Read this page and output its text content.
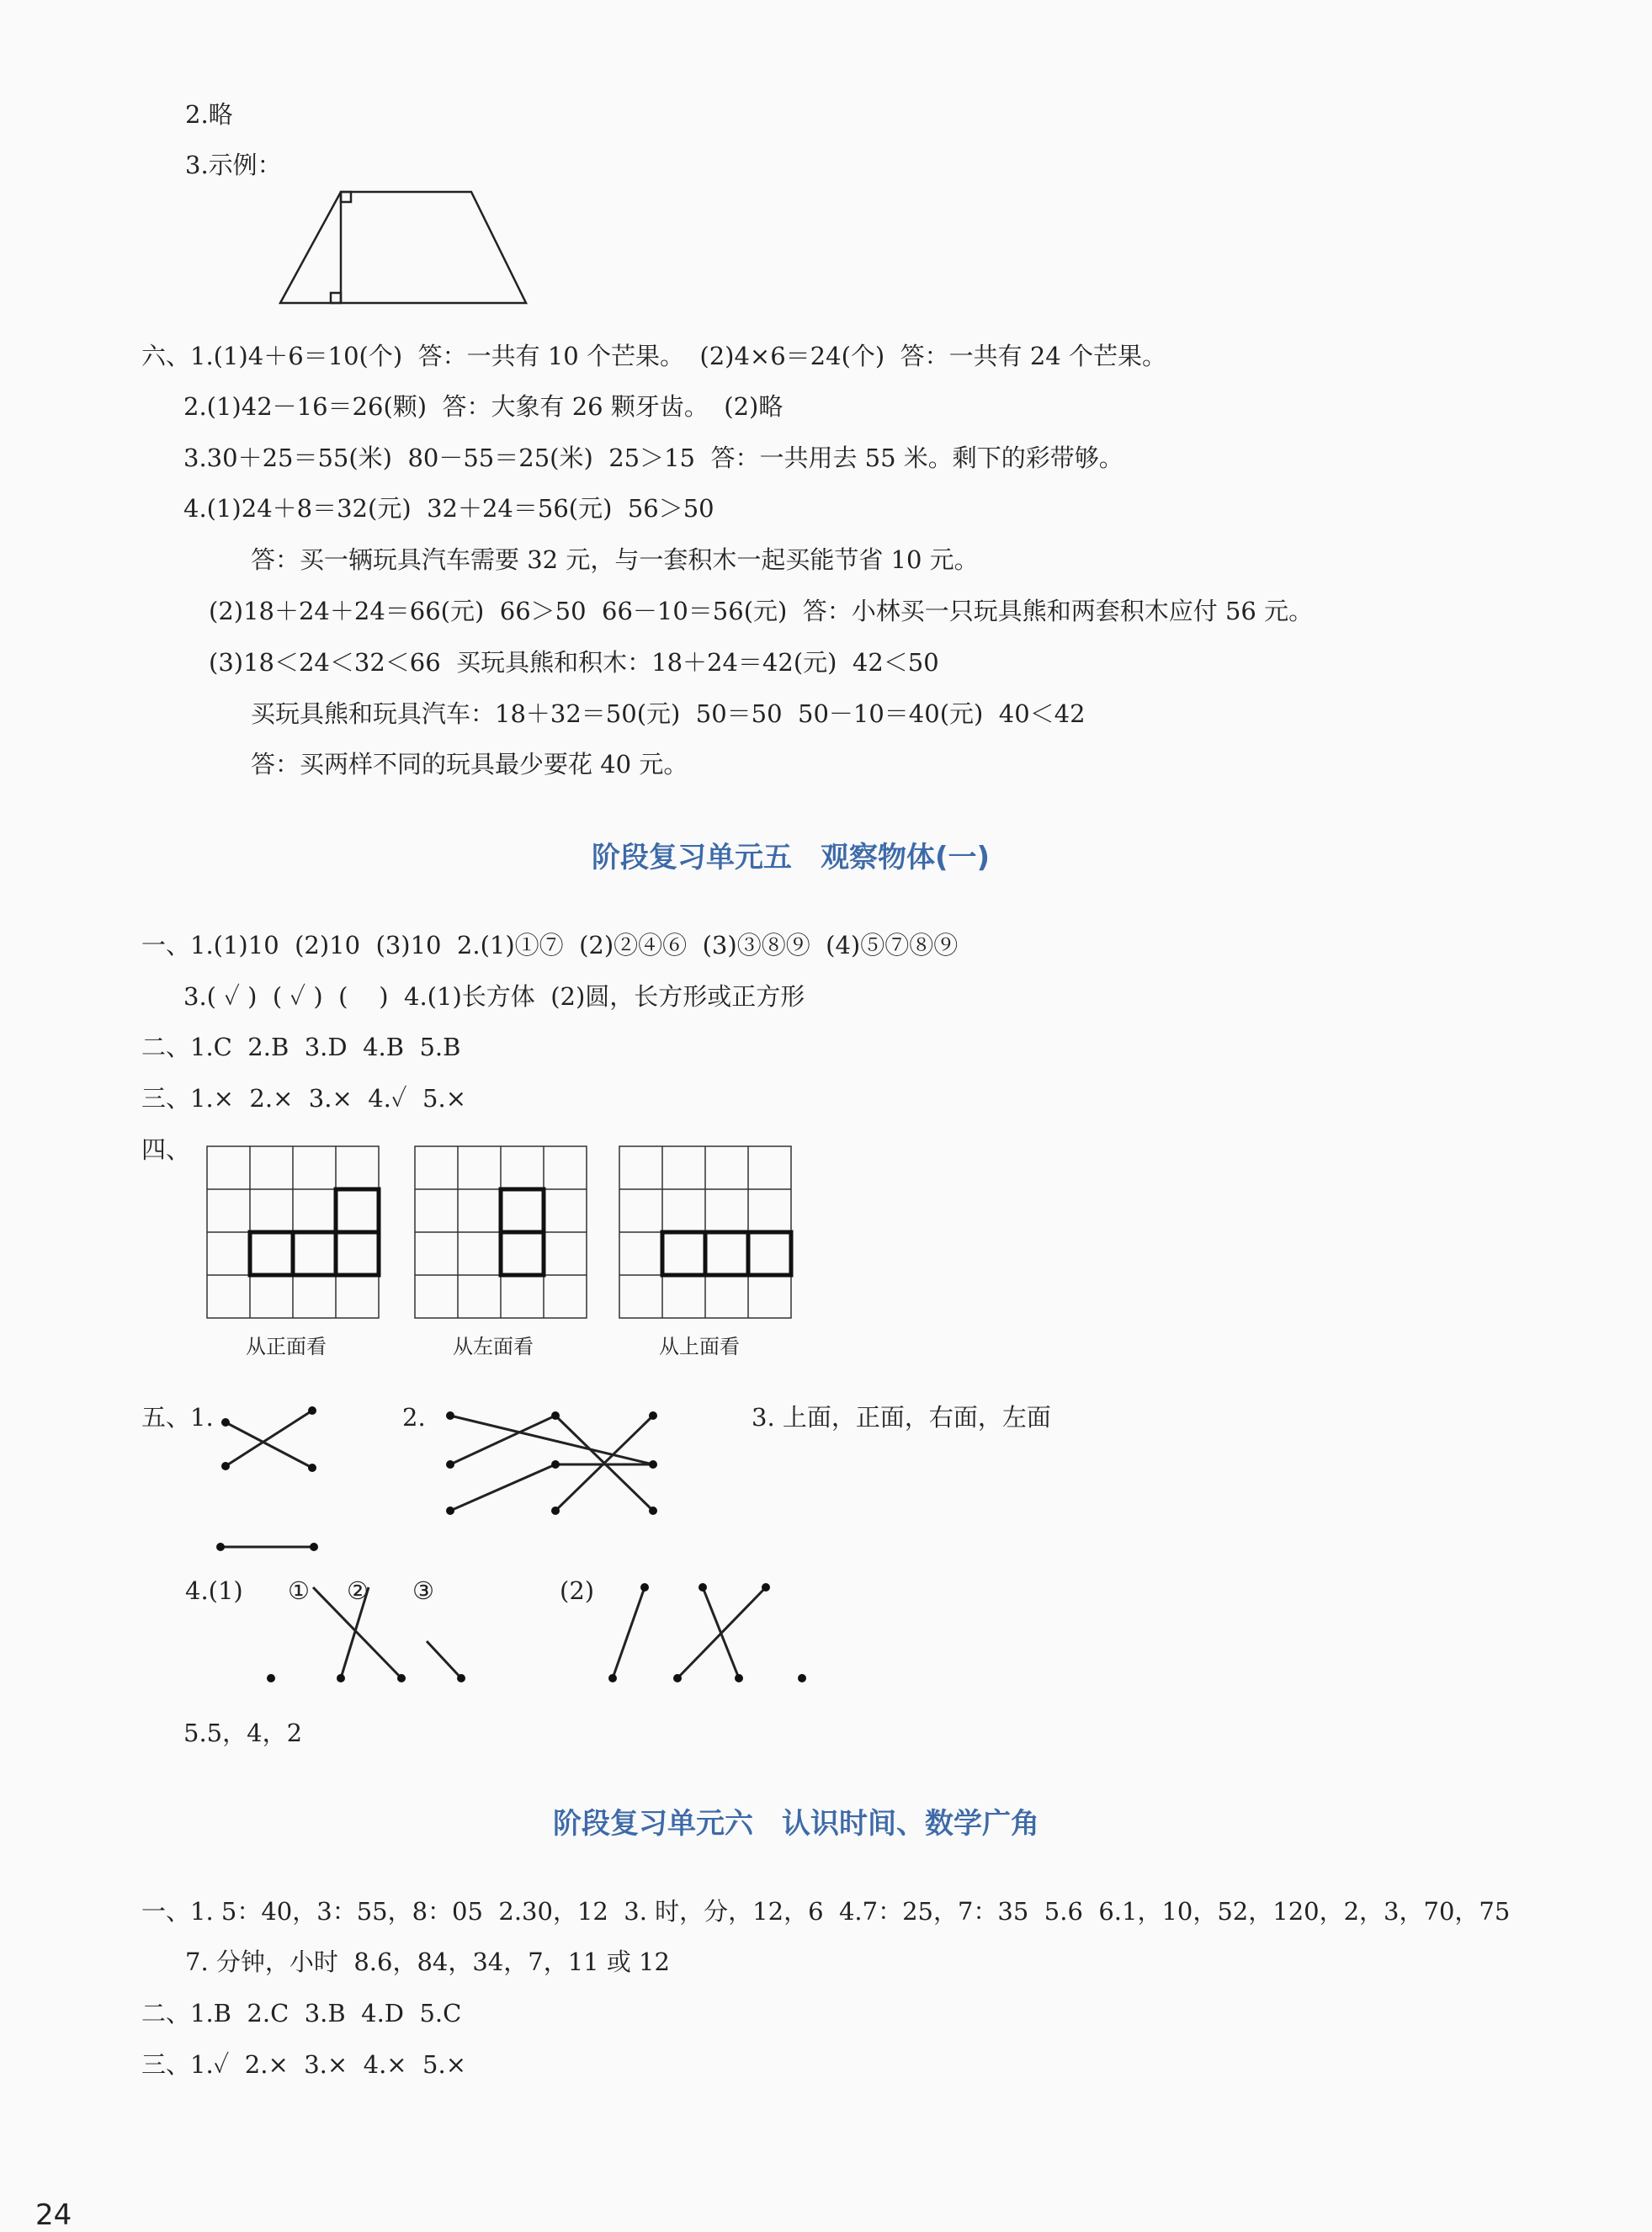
2.略
3.示例：
六、1.(1)4＋6＝10(个)  答：一共有 10 个芒果。  (2)4×6＝24(个)  答：一共有 24 个芒果。
2.(1)42－16＝26(颗)  答：大象有 26 颗牙齿。  (2)略
3.30＋25＝55(米)  80－55＝25(米)  25＞15  答：一共用去 55 米。剩下的彩带够。
4.(1)24＋8＝32(元)  32＋24＝56(元)  56＞50
答：买一辆玩具汽车需要 32 元，与一套积木一起买能节省 10 元。
(2)18＋24＋24＝66(元)  66＞50  66－10＝56(元)  答：小林买一只玩具熊和两套积木应付 56 元。
(3)18＜24＜32＜66  买玩具熊和积木：18＋24＝42(元)  42＜50
买玩具熊和玩具汽车：18＋32＝50(元)  50＝50  50－10＝40(元)  40＜42
答：买两样不同的玩具最少要花 40 元。
阶段复习单元五　观察物体(一)
一、1.(1)10  (2)10  (3)10  2.(1)①⑦  (2)②④⑥  (3)③⑧⑨  (4)⑤⑦⑧⑨
3.( ✓ )  ( ✓ )  (    )  4.(1)长方体  (2)圆，长方形或正方形
二、1.C  2.B  3.D  4.B  5.B
三、1.×  2.×  3.×  4.✓  5.×
四、
从正面看	从左面看	从上面看
五、1.	2.	3. 上面，正面，右面，左面
4.(1) ① ② ③	(2)
5.5，4，2
阶段复习单元六　认识时间、数学广角
一、1. 5：40，3：55，8：05  2.30，12  3. 时，分，12，6  4.7：25，7：35  5.6  6.1，10，52，120，2，3，70，75
7. 分钟，小时  8.6，84，34，7，11 或 12
二、1.B  2.C  3.B  4.D  5.C
三、1.✓  2.×  3.×  4.×  5.×
24
